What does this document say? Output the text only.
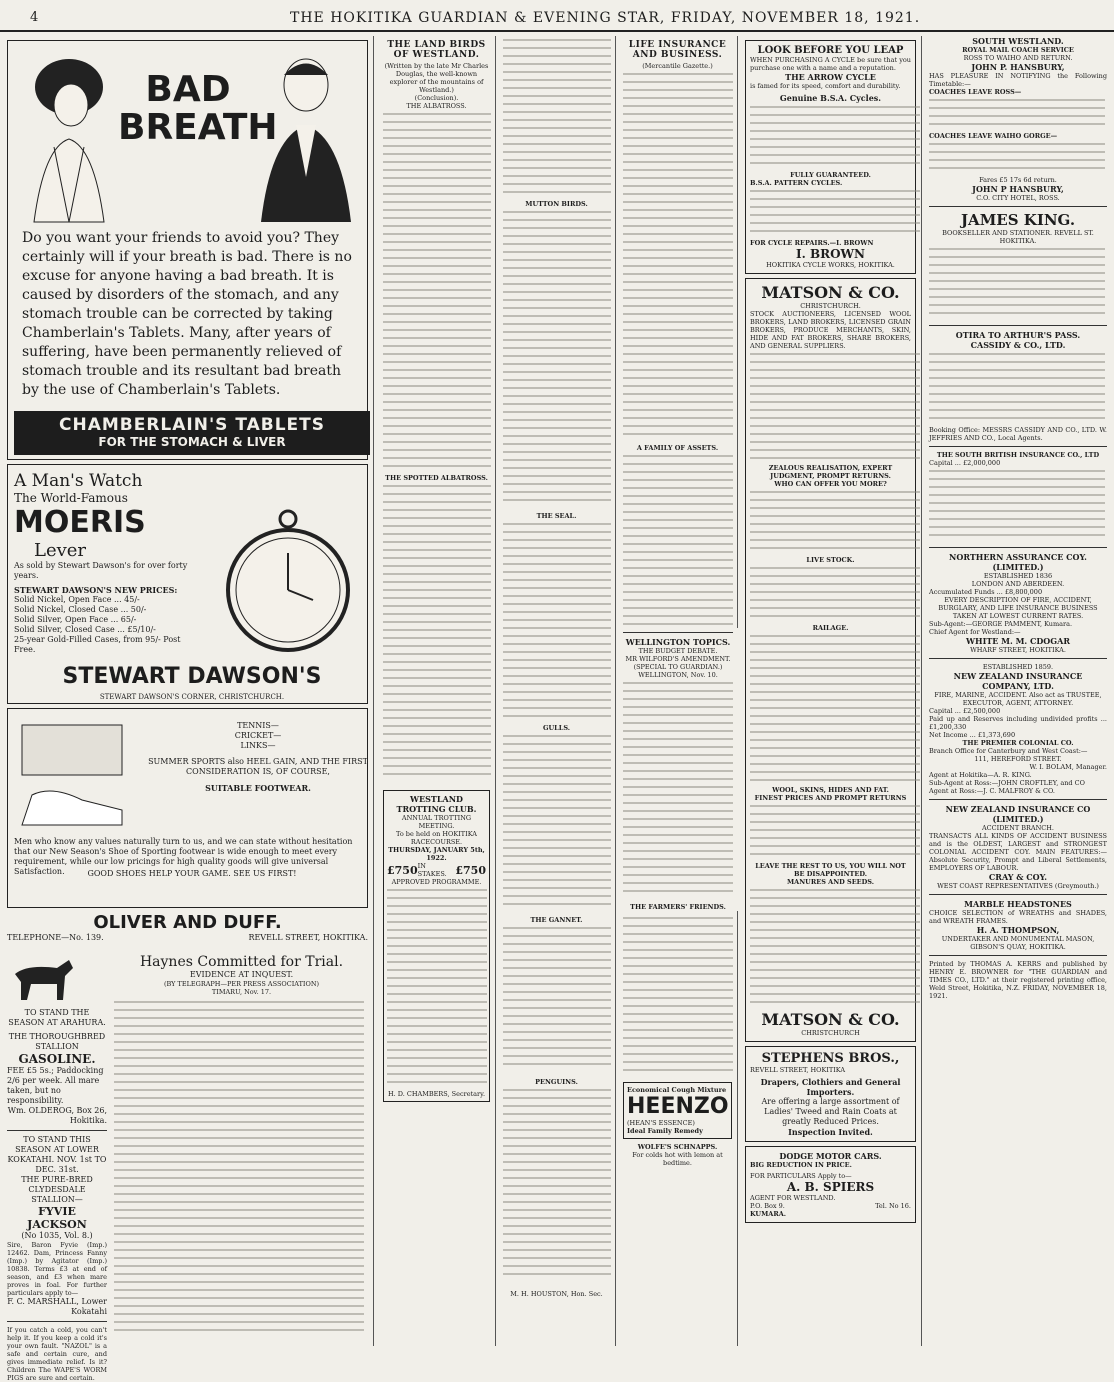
4	THE HOKITIKA GUARDIAN & EVENING STAR, FRIDAY, NOVEMBER 18, 1921.
BAD
BREATH
Do you want your friends to avoid you? They certainly will if your breath is bad. There is no excuse for anyone having a bad breath. It is caused by disorders of the stomach, and any stomach trouble can be corrected by taking Chamberlain's Tablets. Many, after years of suffering, have been permanently relieved of stomach trouble and its resultant bad breath by the use of Chamberlain's Tablets.
CHAMBERLAIN'S TABLETS
FOR THE STOMACH & LIVER
A Man's Watch
The World-Famous
MOERIS
Lever
As sold by Stewart Dawson's for over forty years.
STEWART DAWSON'S NEW PRICES:
Solid Nickel, Open Face ... 45/-
Solid Nickel, Closed Case ... 50/-
Solid Silver, Open Face ... 65/-
Solid Silver, Closed Case ... £5/10/-
25-year Gold-Filled Cases, from 95/- Post Free.
STEWART DAWSON'S
STEWART DAWSON'S CORNER, CHRISTCHURCH.
TENNIS—
CRICKET—
LINKS—
SUMMER SPORTS also HEEL GAIN, AND THE FIRST CONSIDERATION IS, OF COURSE,
SUITABLE FOOTWEAR.
Men who know any values naturally turn to us, and we can state without hesitation that our New Season's Shoe of Sporting footwear is wide enough to meet every requirement, while our low pricings for high quality goods will give universal Satisfaction.	GOOD SHOES HELP YOUR GAME. SEE US FIRST!
OLIVER AND DUFF.
TELEPHONE—No. 139.	REVELL STREET, HOKITIKA.
TO STAND THE SEASON AT ARAHURA.
THE THOROUGHBRED STALLION
GASOLINE.
FEE £5 5s.; Paddocking 2/6 per week. All mare taken, but no responsibility.
Wm. OLDEROG, Box 26, Hokitika.
TO STAND THIS SEASON AT LOWER KOKATAHI. NOV. 1st TO DEC. 31st.
THE PURE-BRED CLYDESDALE STALLION—
FYVIE JACKSON
(No 1035, Vol. 8.)
Sire, Baron Fyvie (Imp.) 12462. Dam, Princess Fanny (Imp.) by Agitator (Imp.) 10838. Terms £3 at end of season, and £3 when mare proves in foal. For further particulars apply to—
F. C. MARSHALL, Lower Kokatahi
If you catch a cold, you can't help it. If you keep a cold it's your own fault. "NAZOL" is a safe and certain cure, and gives immediate relief. Is it? Children The WAPE'S WORM PIGS are sure and certain.
Haynes Committed for Trial.
EVIDENCE AT INQUEST.
(BY TELEGRAPH—PER PRESS ASSOCIATION)
TIMARU, Nov. 17.
THE LAND BIRDS OF WESTLAND.
(Written by the late Mr Charles Douglas, the well-known explorer of the mountains of Westland.)
(Conclusion).
THE ALBATROSS.
THE SPOTTED ALBATROSS.
WESTLAND TROTTING CLUB.
ANNUAL TROTTING MEETING.
To be held on HOKITIKA RACECOURSE.
THURSDAY, JANUARY 5th, 1922.
£750 IN STAKES. £750
APPROVED PROGRAMME.
H. D. CHAMBERS, Secretary.
MUTTON BIRDS.
THE SEAL.
GULLS.
THE GANNET.
PENGUINS.
M. H. HOUSTON, Hon. Sec.
LIFE INSURANCE AND BUSINESS.
(Mercantile Gazette.)
A FAMILY OF ASSETS.
Economical Cough Mixture
HEENZO
(HEAN'S ESSENCE)
Ideal Family Remedy
WOLFE'S SCHNAPPS.
For colds hot with lemon at bedtime.
LOOK BEFORE YOU LEAP
WHEN PURCHASING A CYCLE be sure that you purchase one with a name and a reputation.
THE ARROW CYCLE
is famed for its speed, comfort and durability.
Genuine B.S.A. Cycles.
FULLY GUARANTEED.
B.S.A. PATTERN CYCLES.
FOR CYCLE REPAIRS.—I. BROWN
I. BROWN
HOKITIKA CYCLE WORKS, HOKITIKA.
MATSON & CO.
CHRISTCHURCH.
STOCK AUCTIONEERS, LICENSED WOOL BROKERS, LAND BROKERS, LICENSED GRAIN BROKERS, PRODUCE MERCHANTS, SKIN, HIDE AND FAT BROKERS, SHARE BROKERS, AND GENERAL SUPPLIERS.
ZEALOUS REALISATION, EXPERT JUDGMENT, PROMPT RETURNS.
WHO CAN OFFER YOU MORE?
LIVE STOCK.
RAILAGE.
WOOL, SKINS, HIDES AND FAT.
FINEST PRICES AND PROMPT RETURNS
LEAVE THE REST TO US, YOU WILL NOT BE DISAPPOINTED.
MANURES AND SEEDS.
MATSON & CO.
CHRISTCHURCH
STEPHENS BROS.,
REVELL STREET, HOKITIKA
Drapers, Clothiers and General Importers.
Are offering a large assortment of Ladies' Tweed and Rain Coats at greatly Reduced Prices.
Inspection Invited.
DODGE MOTOR CARS.
BIG REDUCTION IN PRICE.
FOR PARTICULARS Apply to—
A. B. SPIERS
AGENT FOR WESTLAND.
P.O. Box 9.	Tel. No 16.
KUMARA.
SOUTH WESTLAND.
ROYAL MAIL COACH SERVICE
ROSS TO WAIHO AND RETURN.
JOHN P. HANSBURY,
HAS PLEASURE IN NOTIFYING the Following Timetable:—
COACHES LEAVE ROSS—
COACHES LEAVE WAIHO GORGE—
Fares £5 17s 6d return.
JOHN P HANSBURY,
C.O. CITY HOTEL, ROSS.
JAMES KING.
BOOKSELLER AND STATIONER. REVELL ST. HOKITIKA.
OTIRA TO ARTHUR'S PASS.
CASSIDY & CO., LTD.
Booking Office: MESSRS CASSIDY AND CO., LTD. W. JEFFRIES AND CO., Local Agents.
THE SOUTH BRITISH INSURANCE CO., LTD
Capital ... £2,000,000
NORTHERN ASSURANCE COY. (LIMITED.)
ESTABLISHED 1836
LONDON AND ABERDEEN.
Accumulated Funds ... £8,800,000
EVERY DESCRIPTION OF FIRE, ACCIDENT, BURGLARY, AND LIFE INSURANCE BUSINESS TAKEN AT LOWEST CURRENT RATES.
Sub-Agent:—GEORGE PAMMENT, Kumara.
Chief Agent for Westland:—
WHITE M. M. CDOGAR
WHARF STREET, HOKITIKA.
ESTABLISHED 1859.
NEW ZEALAND INSURANCE COMPANY, LTD.
FIRE, MARINE, ACCIDENT. Also act as TRUSTEE, EXECUTOR, AGENT, ATTORNEY.
Capital ... £2,500,000
Paid up and Reserves including undivided profits ... £1,200,330
Net Income ... £1,373,690
THE PREMIER COLONIAL CO.
Branch Office for Canterbury and West Coast:—
111, HEREFORD STREET.
W. I. BOLAM, Manager.
Agent at Hokitika—A. R. KING.
Sub-Agent at Ross:—JOHN CROFTLEY, and CO
Agent at Ross:—J. C. MALFROY & CO.
NEW ZEALAND INSURANCE CO (LIMITED.)
ACCIDENT BRANCH.
TRANSACTS ALL KINDS OF ACCIDENT BUSINESS and is the OLDEST, LARGEST and STRONGEST COLONIAL ACCIDENT COY. MAIN FEATURES:—Absolute Security, Prompt and Liberal Settlements, EMPLOYERS OF LABOUR.
CRAY & COY.
WEST COAST REPRESENTATIVES (Greymouth.)
MARBLE HEADSTONES
CHOICE SELECTION of WREATHS and SHADES, and WREATH FRAMES.
H. A. THOMPSON,
UNDERTAKER AND MONUMENTAL MASON,
GIBSON'S QUAY, HOKITIKA.
Printed by THOMAS A. KERRS and published by HENRY E. BROWNER for "THE GUARDIAN and TIMES CO., LTD." at their registered printing office, Weld Street, Hokitika, N.Z. FRIDAY, NOVEMBER 18, 1921.
WELLINGTON TOPICS.
THE BUDGET DEBATE.
MR WILFORD'S AMENDMENT.
(SPECIAL TO GUARDIAN.)
WELLINGTON, Nov. 10.
THE FARMERS' FRIENDS.
